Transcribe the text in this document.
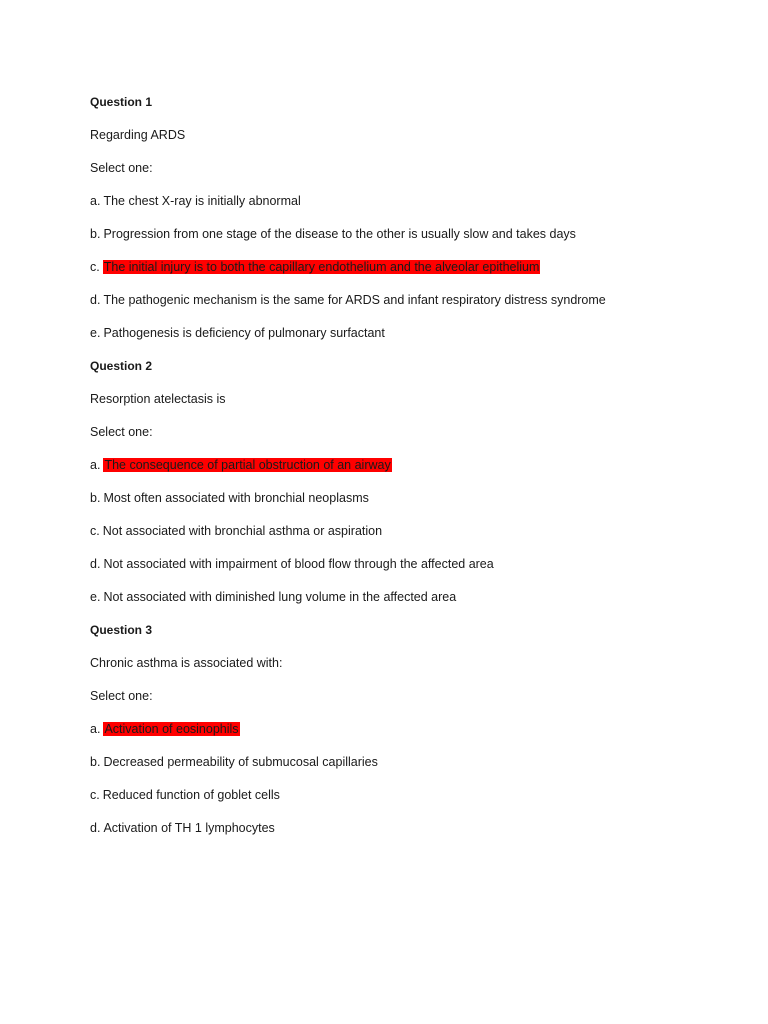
Question 1
Regarding ARDS
Select one:
a. The chest X-ray is initially abnormal
b. Progression from one stage of the disease to the other is usually slow and takes days
c. The initial injury is to both the capillary endothelium and the alveolar epithelium
d. The pathogenic mechanism is the same for ARDS and infant respiratory distress syndrome
e. Pathogenesis is deficiency of pulmonary surfactant
Question 2
Resorption atelectasis is
Select one:
a. The consequence of partial obstruction of an airway
b. Most often associated with bronchial neoplasms
c. Not associated with bronchial asthma or aspiration
d. Not associated with impairment of blood flow through the affected area
e. Not associated with diminished lung volume in the affected area
Question 3
Chronic asthma is associated with:
Select one:
a. Activation of eosinophils
b. Decreased permeability of submucosal capillaries
c. Reduced function of goblet cells
d. Activation of TH 1 lymphocytes
